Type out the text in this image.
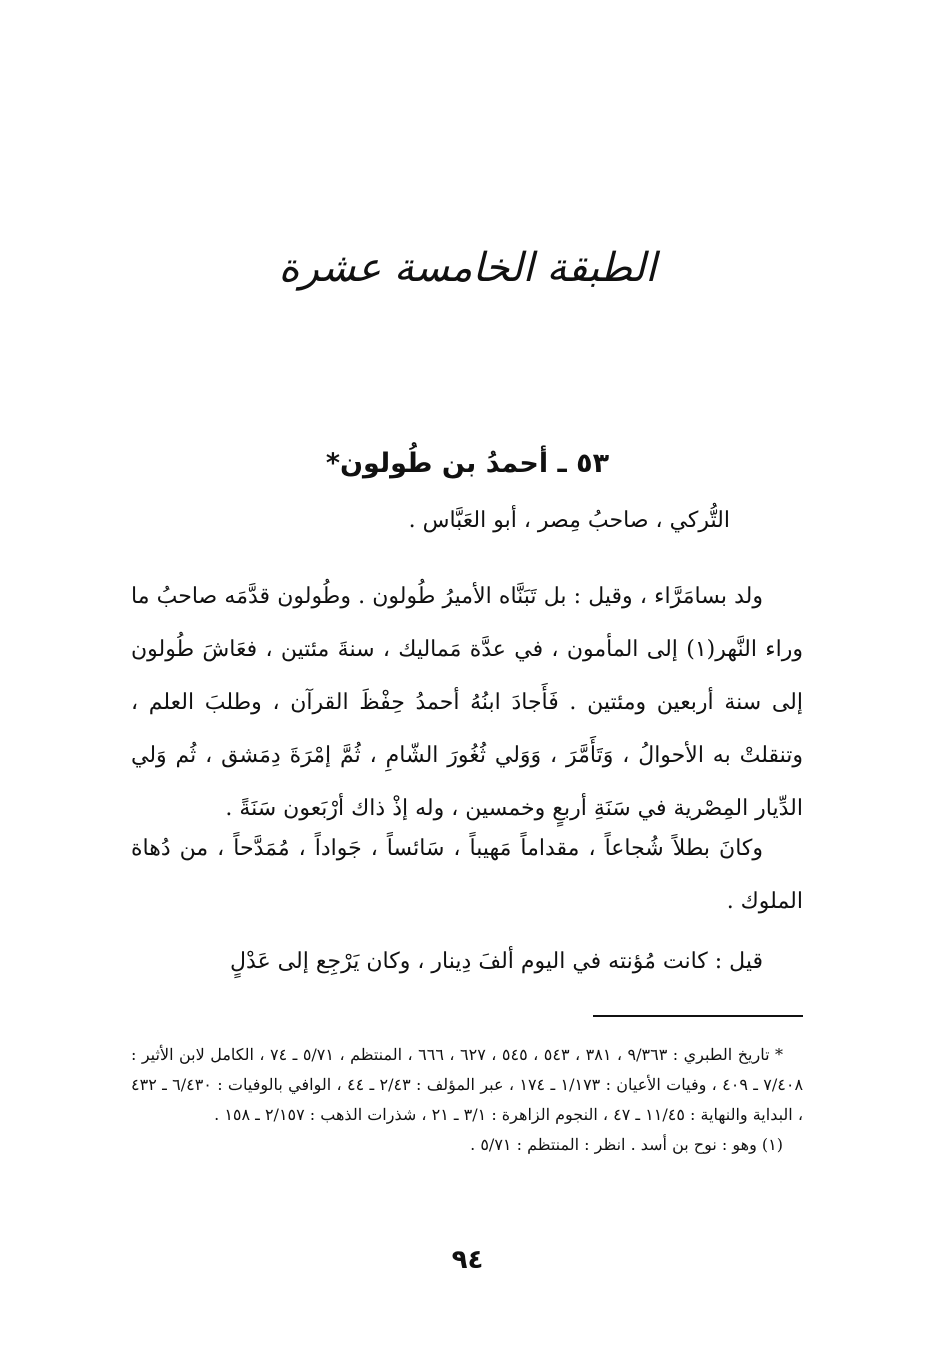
الطبقة الخامسة عشرة
٥٣ ـ أحمدُ بن طُولون*
التُّركي ، صاحبُ مِصر ، أبو العَبَّاس .

ولد بسامَرَّاء ، وقيل : بل تَبَنَّاه الأميرُ طُولون . وطُولون قدَّمَه صاحبُ ما وراء النَّهر(١) إلى المأمون ، في عدَّة مَماليك ، سنةَ مئتين ، فعَاشَ طُولون إلى سنة أربعين ومئتين . فَأَجادَ ابنُهُ أحمدُ حِفْظَ القرآن ، وطلبَ العلم ، وتنقلتْ به الأحوالُ ، وَتَأَمَّرَ ، وَوَلي ثُغُورَ الشّامِ ، ثُمَّ إمْرَةَ دِمَشق ، ثُم وَلي الدِّيار المِصْرية في سَنَةِ أربعٍ وخمسين ، وله إذْ ذاك أرْبَعون سَنَةً .

وكانَ بطلاً شُجاعاً ، مقداماً مَهيباً ، سَائساً ، جَواداً ، مُمَدَّحاً ، من دُهاة الملوك .

قيل : كانت مُؤنته في اليوم ألفَ دِينار ، وكان يَرْجِع إلى عَدْلٍ

* تاريخ الطبري : ٩/٣٦٣ ، ٣٨١ ، ٥٤٣ ، ٥٤٥ ، ٦٢٧ ، ٦٦٦ ، المنتظم ، ٥/٧١ ـ ٧٤ ، الكامل لابن الأثير : ٧/٤٠٨ ـ ٤٠٩ ، وفيات الأعيان : ١/١٧٣ ـ ١٧٤ ، عبر المؤلف : ٢/٤٣ ـ ٤٤ ، الوافي بالوفيات : ٦/٤٣٠ ـ ٤٣٢ ، البداية والنهاية : ١١/٤٥ ـ ٤٧ ، النجوم الزاهرة : ٣/١ ـ ٢١ ، شذرات الذهب : ٢/١٥٧ ـ ١٥٨ .

(١) وهو : نوح بن أسد . انظر : المنتظم : ٥/٧١ .

٩٤
